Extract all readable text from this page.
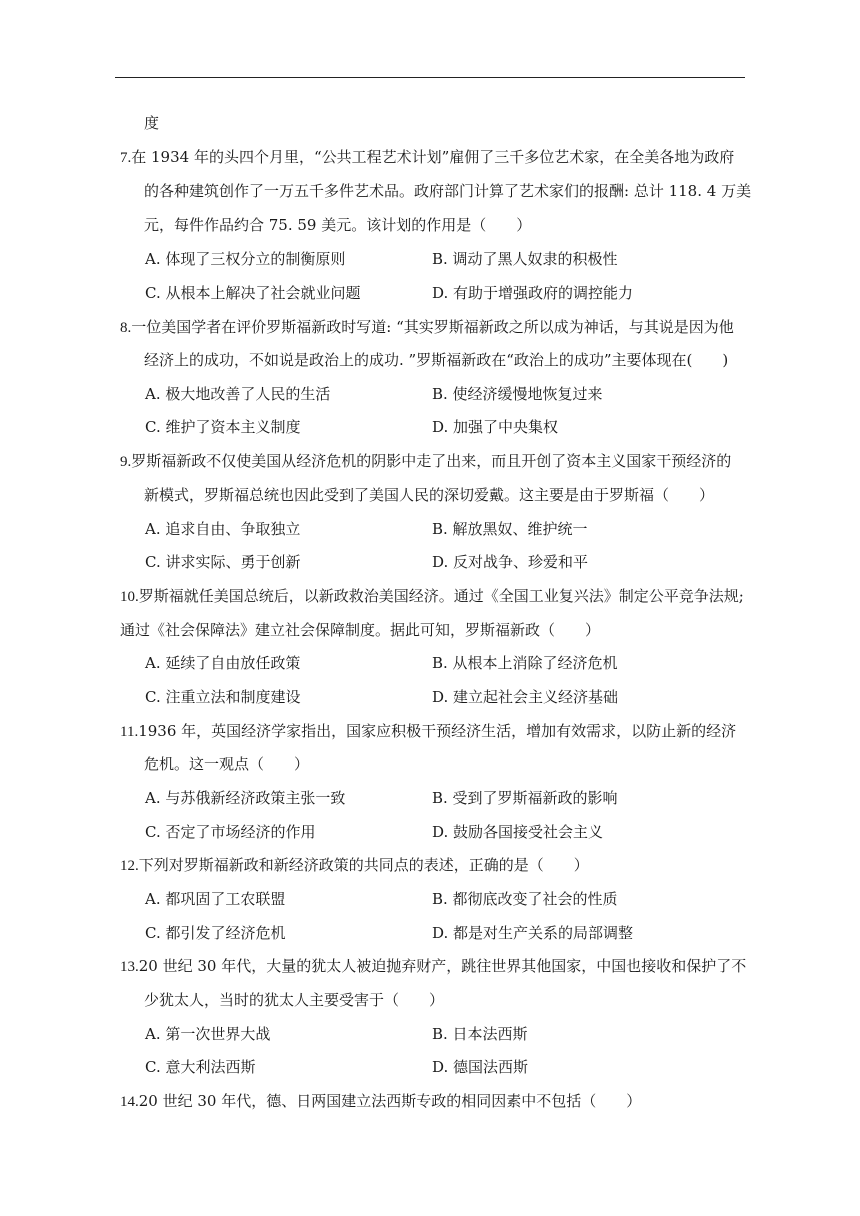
度
7.在 1934 年的头四个月里，“公共工程艺术计划”雇佣了三千多位艺术家，在全美各地为政府
的各种建筑创作了一万五千多件艺术品。政府部门计算了艺术家们的报酬: 总计 118. 4 万美
元，每件作品约合 75. 59 美元。该计划的作用是（　　）
A. 体现了三权分立的制衡原则	B. 调动了黑人奴隶的积极性
C. 从根本上解决了社会就业问题	D. 有助于增强政府的调控能力
8.一位美国学者在评价罗斯福新政时写道: “其实罗斯福新政之所以成为神话，与其说是因为他
经济上的成功，不如说是政治上的成功. ”罗斯福新政在“政治上的成功”主要体现在(　　)
A. 极大地改善了人民的生活	B. 使经济缓慢地恢复过来
C. 维护了资本主义制度	D. 加强了中央集权
9.罗斯福新政不仅使美国从经济危机的阴影中走了出来，而且开创了资本主义国家干预经济的
新模式，罗斯福总统也因此受到了美国人民的深切爱戴。这主要是由于罗斯福（　　）
A. 追求自由、争取独立	B. 解放黑奴、维护统一
C. 讲求实际、勇于创新	D. 反对战争、珍爱和平
10.罗斯福就任美国总统后，以新政救治美国经济。通过《全国工业复兴法》制定公平竞争法规;
通过《社会保障法》建立社会保障制度。据此可知，罗斯福新政（　　）
A. 延续了自由放任政策	B. 从根本上消除了经济危机
C. 注重立法和制度建设	D. 建立起社会主义经济基础
11.1936 年，英国经济学家指出，国家应积极干预经济生活，增加有效需求，以防止新的经济
危机。这一观点（　　）
A. 与苏俄新经济政策主张一致	B. 受到了罗斯福新政的影响
C. 否定了市场经济的作用	D. 鼓励各国接受社会主义
12.下列对罗斯福新政和新经济政策的共同点的表述，正确的是（　　）
A. 都巩固了工农联盟	B. 都彻底改变了社会的性质
C. 都引发了经济危机	D. 都是对生产关系的局部调整
13.20 世纪 30 年代，大量的犹太人被迫抛弃财产，跳往世界其他国家，中国也接收和保护了不
少犹太人，当时的犹太人主要受害于（　　）
A. 第一次世界大战	B. 日本法西斯
C. 意大利法西斯	D. 德国法西斯
14.20 世纪 30 年代，德、日两国建立法西斯专政的相同因素中不包括（　　）
